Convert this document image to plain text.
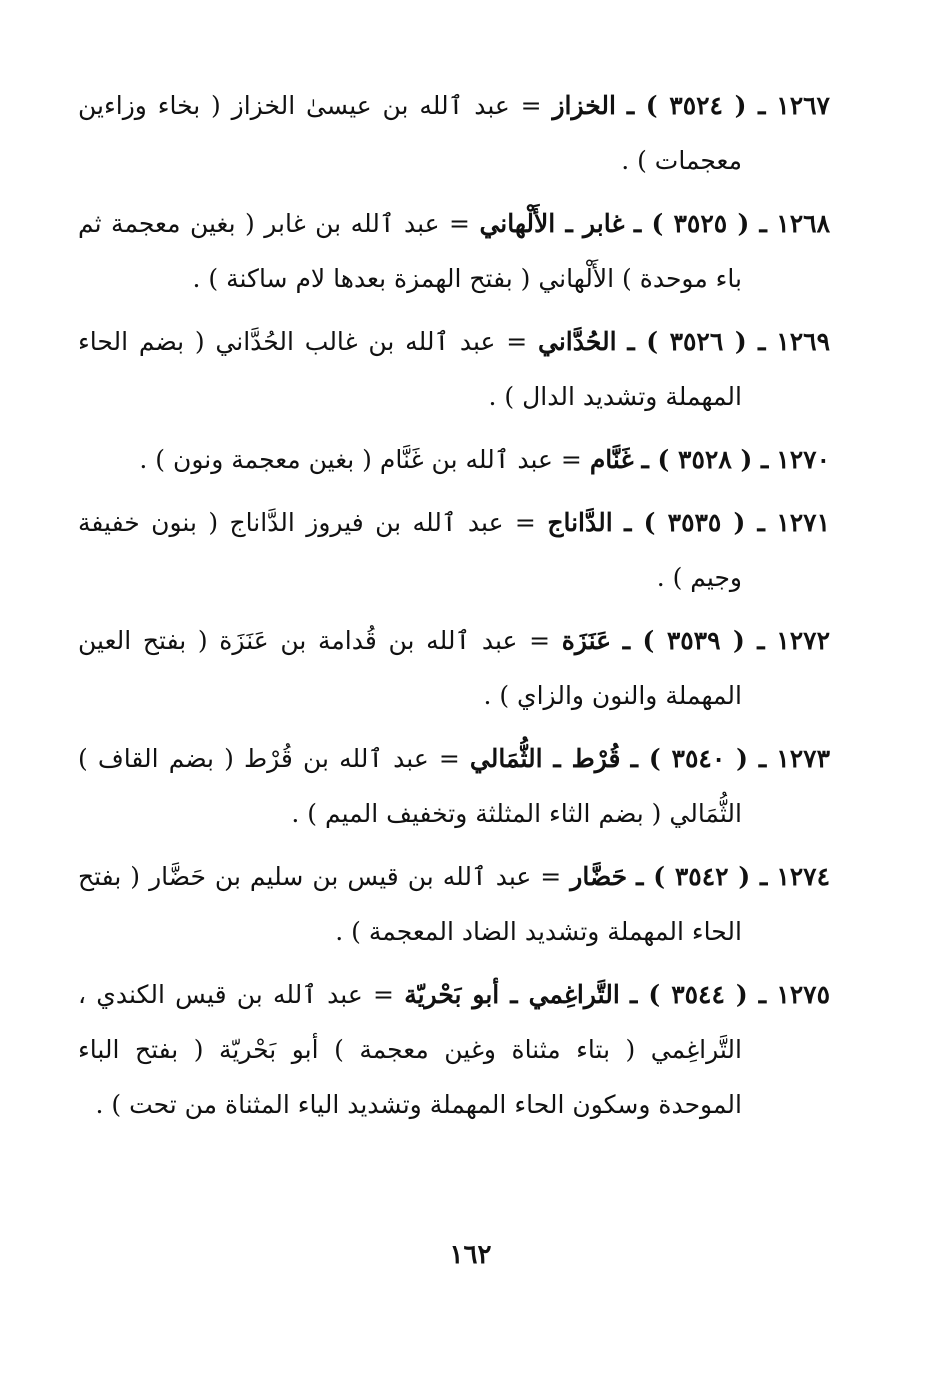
١٢٦٧ ـ ( ٣٥٢٤ ) ـ الخزاز = عبد ٱلله بن عيسىٰ الخزاز ( بخاء وزاءين معجمات ) .

١٢٦٨ ـ ( ٣٥٢٥ ) ـ غابر ـ الأَلْهاني = عبد ٱلله بن غابر ( بغين معجمة ثم باء موحدة ) الأَلْهاني ( بفتح الهمزة بعدها لام ساكنة ) .

١٢٦٩ ـ ( ٣٥٢٦ ) ـ الحُدَّاني = عبد ٱلله بن غالب الحُدَّاني ( بضم الحاء المهملة وتشديد الدال ) .

١٢٧٠ ـ ( ٣٥٢٨ ) ـ غَنَّام = عبد ٱلله بن غَنَّام ( بغين معجمة ونون ) .

١٢٧١ ـ ( ٣٥٣٥ ) ـ الدَّاناج = عبد ٱلله بن فيروز الدَّاناج ( بنون خفيفة وجيم ) .

١٢٧٢ ـ ( ٣٥٣٩ ) ـ عَنَزَة = عبد ٱلله بن قُدامة بن عَنَزَة ( بفتح العين المهملة والنون والزاي ) .

١٢٧٣ ـ ( ٣٥٤٠ ) ـ قُرْط ـ الثُّمَالي = عبد ٱلله بن قُرْط ( بضم القاف ) الثُّمَالي ( بضم الثاء المثلثة وتخفيف الميم ) .

١٢٧٤ ـ ( ٣٥٤٢ ) ـ حَضَّار = عبد ٱلله بن قيس بن سليم بن حَضَّار ( بفتح الحاء المهملة وتشديد الضاد المعجمة ) .

١٢٧٥ ـ ( ٣٥٤٤ ) ـ التَّراغِمي ـ أبو بَحْريّة = عبد ٱلله بن قيس الكندي ، التَّراغِمي ( بتاء مثناة وغين معجمة ) أبو بَحْريّة ( بفتح الباء الموحدة وسكون الحاء المهملة وتشديد الياء المثناة من تحت ) .

١٦٢
